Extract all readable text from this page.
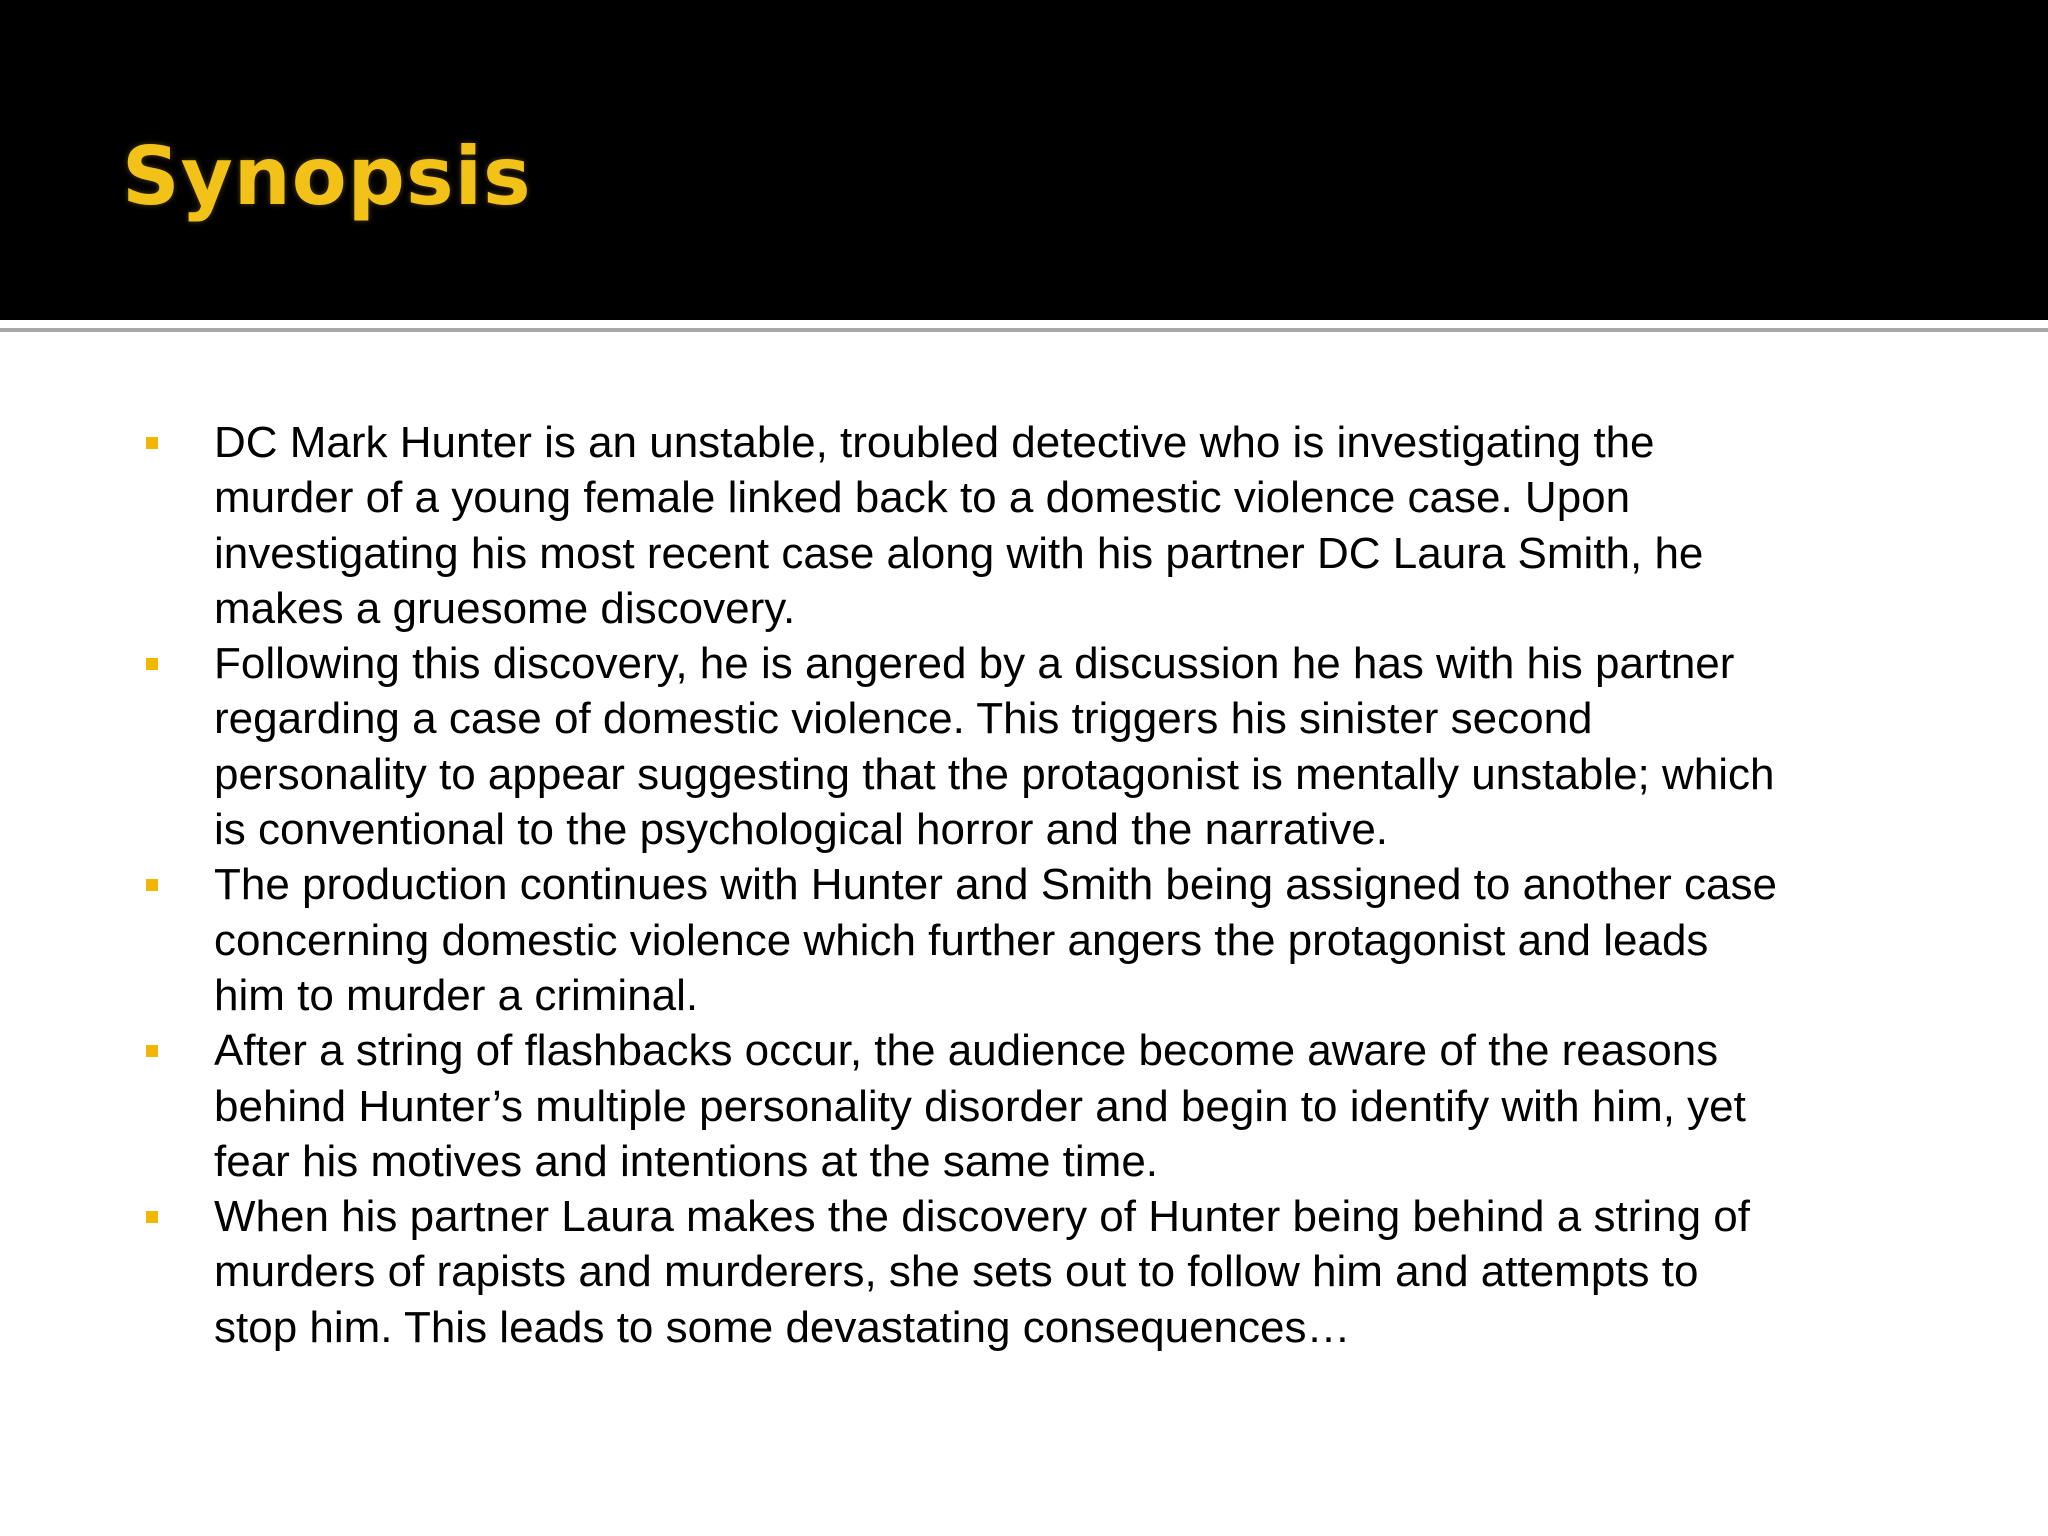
Synopsis
DC Mark Hunter is an unstable, troubled detective who is investigating the
murder of a young female linked back to a domestic violence case. Upon
investigating his most recent case along with his partner DC Laura Smith, he
makes a gruesome discovery.
Following this discovery, he is angered by a discussion he has with his partner
regarding a case of domestic violence. This triggers his sinister second
personality to appear suggesting that the protagonist is mentally unstable; which
is conventional to the psychological horror and the narrative.
The production continues with Hunter and Smith being assigned to another case
concerning domestic violence which further angers the protagonist and leads
him to murder a criminal.
After a string of flashbacks occur, the audience become aware of the reasons
behind Hunter’s multiple personality disorder and begin to identify with him, yet
fear his motives and intentions at the same time.
When his partner Laura makes the discovery of Hunter being behind a string of
murders of rapists and murderers, she sets out to follow him and attempts to
stop him. This leads to some devastating consequences…
